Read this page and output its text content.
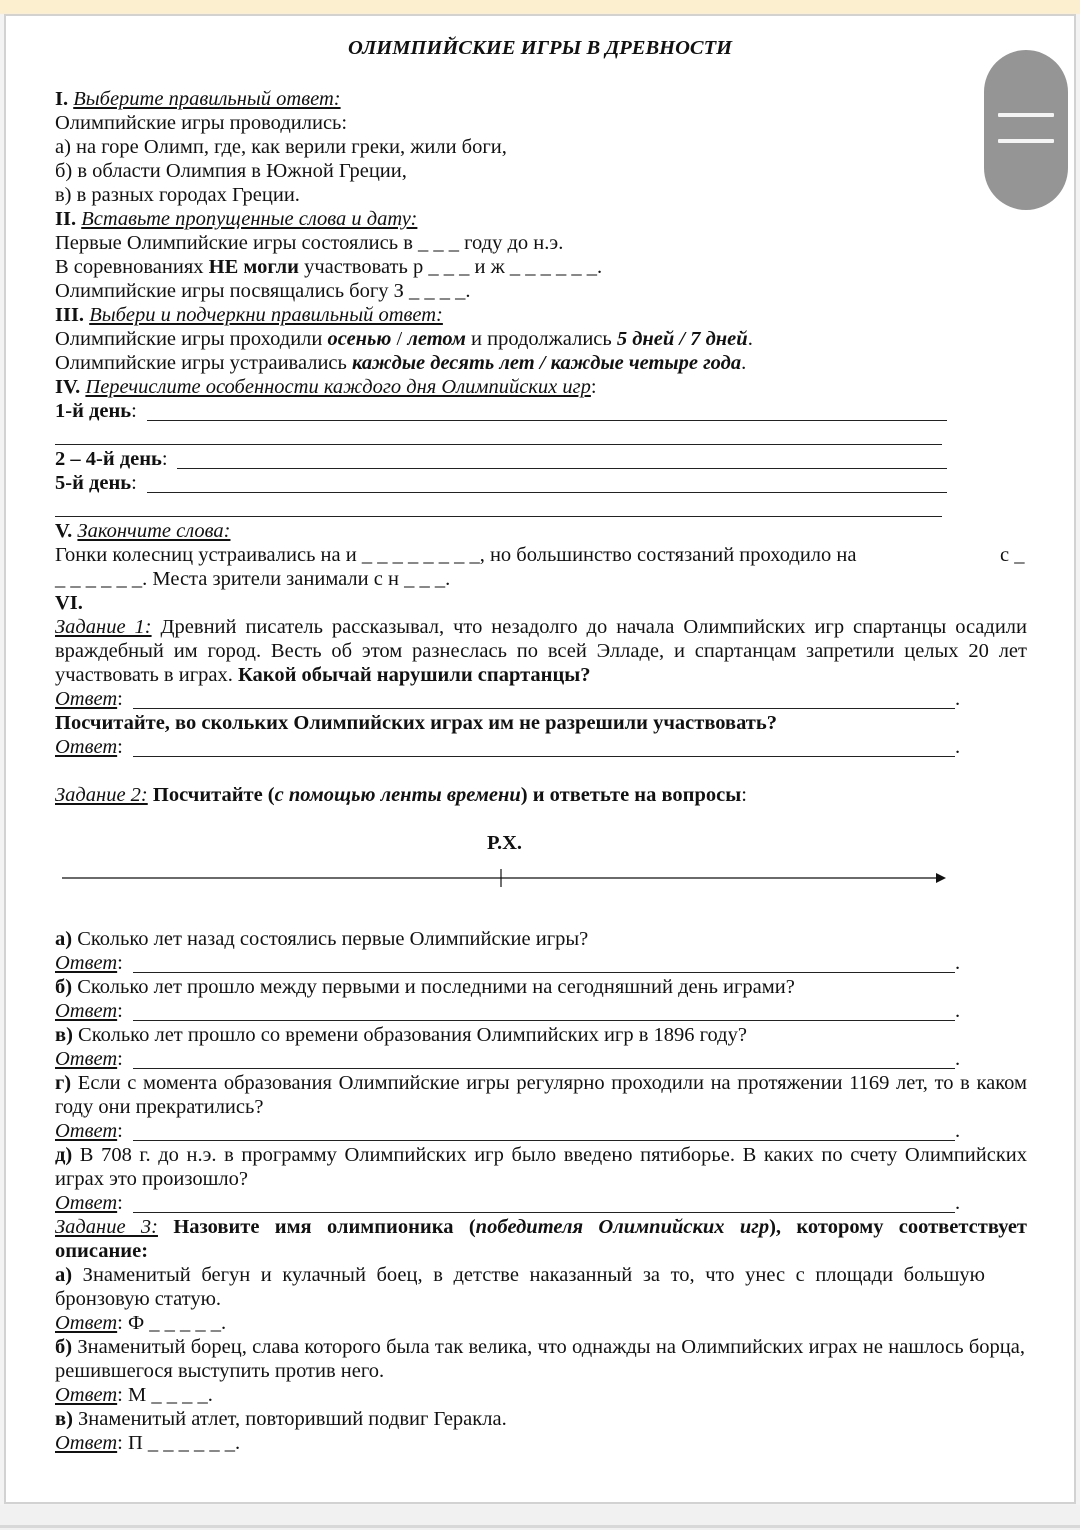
ОЛИМПИЙСКИЕ ИГРЫ В ДРЕВНОСТИ
I. Выберите правильный ответ:
Олимпийские игры проводились:
а) на горе Олимп, где, как верили греки, жили боги,
б) в области Олимпия в Южной Греции,
в) в разных городах Греции.
II. Вставьте пропущенные слова и дату:
Первые Олимпийские игры состоялись в _ _ _ году до н.э.
В соревнованиях НЕ могли участвовать р _ _ _ и ж _ _ _ _ _ _.
Олимпийские игры посвящались богу З _ _ _ _.
III. Выбери и подчеркни правильный ответ:
Олимпийские игры проходили осенью / летом и продолжались 5 дней / 7 дней.
Олимпийские игры устраивались каждые десять лет / каждые четыре года.
IV. Перечислите особенности каждого дня Олимпийских игр:
1-й день:
2 – 4-й день:
5-й день:
V. Закончите слова:
Гонки колесниц устраивались на и _ _ _ _ _ _ _ _, но большинство состязаний проходило на	с _
_ _ _ _ _ _. Места зрители занимали с н _ _ _.
VI.
Задание 1: Древний писатель рассказывал, что незадолго до начала Олимпийских игр спартанцы осадили враждебный им город. Весть об этом разнеслась по всей Элладе, и спартанцам запретили целых 20 лет участвовать в играх. Какой обычай нарушили спартанцы?
Ответ:	.
Посчитайте, во скольких Олимпийских играх им не разрешили участвовать?
Ответ:	.
Задание 2: Посчитайте (с помощью ленты времени) и ответьте на вопросы:
Р.Х.
а) Сколько лет назад состоялись первые Олимпийские игры?
Ответ:	.
б) Сколько лет прошло между первыми и последними на сегодняшний день играми?
Ответ:	.
в) Сколько лет прошло со времени образования Олимпийских игр в 1896 году?
Ответ:	.
г) Если с момента образования Олимпийские игры регулярно проходили на протяжении 1169 лет, то в каком году они прекратились?
Ответ:	.
д) В 708 г. до н.э. в программу Олимпийских игр было введено пятиборье. В каких по счету Олимпийских играх это произошло?
Ответ:	.
Задание 3: Назовите имя олимпионика (победителя Олимпийских игр), которому соответствует описание:
а) Знаменитый бегун и кулачный боец, в детстве наказанный за то, что унес с площади большую бронзовую статую.
Ответ: Ф _ _ _ _ _.
б) Знаменитый борец, слава которого была так велика, что однажды на Олимпийских играх не нашлось борца, решившегося выступить против него.
Ответ: М _ _ _ _.
в) Знаменитый атлет, повторивший подвиг Геракла.
Ответ: П _ _ _ _ _ _.
